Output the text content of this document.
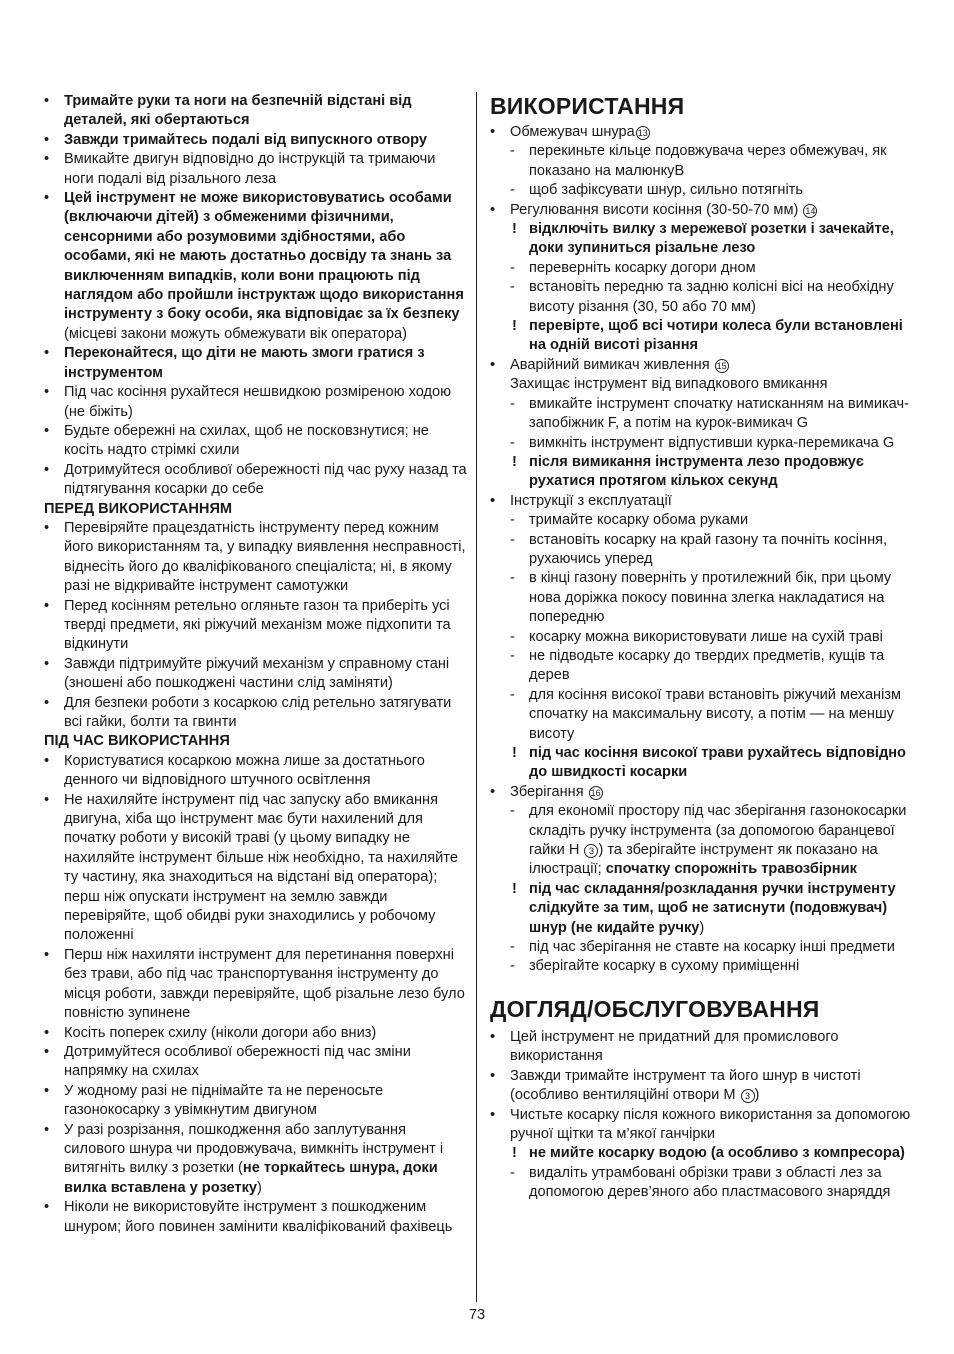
• Тримайте руки та ноги на безпечній відстані від деталей, які обертаються
• Завжди тримайтесь подалі від випускного отвору
• Вмикайте двигун відповідно до інструкцій та тримаючи ноги подалі від різального леза
• Цей інструмент не може використовуватись особами (включаючи дітей) з обмеженими фізичними, сенсорними або розумовими здібностями, або особами, які не мають достатньо досвіду та знань за виключенням випадків, коли вони працюють під наглядом або пройшли інструктаж щодо використання інструменту з боку особи, яка відповідає за їх безпеку (місцеві закони можуть обмежувати вік оператора)
• Переконайтеся, що діти не мають змоги гратися з інструментом
• Під час косіння рухайтеся нешвидкою розміреною ходою (не біжіть)
• Будьте обережні на схилах, щоб не посковзнутися; не косіть надто стрімкі схили
• Дотримуйтеся особливої обережності під час руху назад та підтягування косарки до себе
ПЕРЕД ВИКОРИСТАННЯМ
• Перевіряйте працездатність інструменту перед кожним його використанням та, у випадку виявлення несправності, віднесіть його до кваліфікованого спеціаліста; ні, в якому разі не відкривайте інструмент самотужки
• Перед косінням ретельно огляньте газон та приберіть усі тверді предмети, які ріжучий механізм може підхопити та відкинути
• Завжди підтримуйте ріжучий механізм у справному стані (зношені або пошкоджені частини слід заміняти)
• Для безпеки роботи з косаркою слід ретельно затягувати всі гайки, болти та гвинти
ПІД ЧАС ВИКОРИСТАННЯ
• Користуватися косаркою можна лише за достатнього денного чи відповідного штучного освітлення
• Не нахиляйте інструмент під час запуску або вмикання двигуна, хіба що інструмент має бути нахилений для початку роботи у високій траві (у цьому випадку не нахиляйте інструмент більше ніж необхідно, та нахиляйте ту частину, яка знаходиться на відстані від оператора); перш ніж опускати інструмент на землю завжди перевіряйте, щоб обидві руки знаходились у робочому положенні
• Перш ніж нахиляти інструмент для перетинання поверхні без трави, або під час транспортування інструменту до місця роботи, завжди перевіряйте, щоб різальне лезо було повністю зупинене
• Косіть поперек схилу (ніколи догори або вниз)
• Дотримуйтеся особливої обережності під час зміни напрямку на схилах
• У жодному разі не піднімайте та не переносьте газонокосарку з увімкнутим двигуном
• У разі розрізання, пошкодження або заплутування силового шнура чи продовжувача, вимкніть інструмент і витягніть вилку з розетки (не торкайтесь шнура, доки вилка вставлена у розетку)
• Ніколи не використовуйте інструмент з пошкодженим шнуром; його повинен замінити кваліфікований фахівець
ВИКОРИСТАННЯ
• Обмежувач шнура 13
- перекиньте кільце подовжувача через обмежувач, як показано на малюнкуB
- щоб зафіксувати шнур, сильно потягніть
• Регулювання висоти косіння (30-50-70 мм) 14
! відключіть вилку з мережевої розетки і зачекайте, доки зупиниться різальне лезо
- переверніть косарку догори дном
- встановіть передню та задню колісні вісі на необхідну висоту різання (30, 50 або 70 мм)
! перевірте, щоб всі чотири колеса були встановлені на одній висоті різання
• Аварійний вимикач живлення 15
Захищає інструмент від випадкового вмикання
- вмикайте інструмент спочатку натисканням на вимикач-запобіжник F, а потім на курок-вимикач G
- вимкніть інструмент відпустивши курка-перемикача G
! після вимикання інструмента лезо продовжує рухатися протягом кількох секунд
• Інструкції з експлуатації
- тримайте косарку обома руками
- встановіть косарку на край газону та почніть косіння, рухаючись уперед
- в кінці газону поверніть у протилежний бік, при цьому нова доріжка покосу повинна злегка накладатися на попередню
- косарку можна використовувати лише на сухій траві
- не підводьте косарку до твердих предметів, кущів та дерев
- для косіння високої трави встановіть ріжучий механізм спочатку на максимальну висоту, а потім — на меншу висоту
! під час косіння високої трави рухайтесь відповідно до швидкості косарки
• Зберігання 16
- для економії простору під час зберігання газонокосарки складіть ручку інструмента (за допомогою баранцевої гайки H 3 ) та зберігайте інструмент як показано на ілюстрації; спочатку спорожніть травозбірник
! під час складання/розкладання ручки інструменту слідкуйте за тим, щоб не затиснути (подовжувач) шнур (не кидайте ручку)
- під час зберігання не ставте на косарку інші предмети
- зберігайте косарку в сухому приміщенні
ДОГЛЯД/ОБСЛУГОВУВАННЯ
• Цей інструмент не придатний для промислового використання
• Завжди тримайте інструмент та його шнур в чистоті (особливо вентиляційні отвори M 3 )
• Чистьте косарку після кожного використання за допомогою ручної щітки та м’якої ганчірки
! не мийте косарку водою (а особливо з компресора)
- видаліть утрамбовані обрізки трави з області лез за допомогою дерев’яного або пластмасового знаряддя
73
